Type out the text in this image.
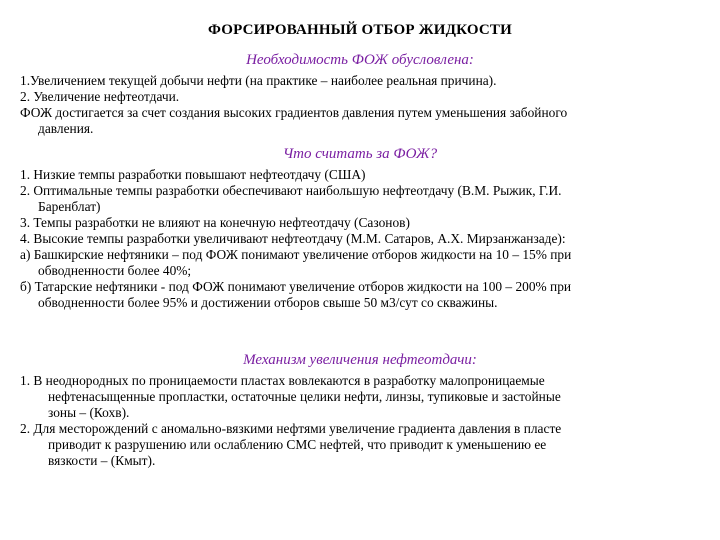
ФОРСИРОВАННЫЙ ОТБОР ЖИДКОСТИ
Необходимость ФОЖ обусловлена:
1.Увеличением текущей добычи нефти (на практике – наиболее реальная причина).
2. Увеличение нефтеотдачи.
ФОЖ достигается за счет создания высоких градиентов давления путем уменьшения забойного
давления.
Что считать за ФОЖ?
1. Низкие темпы разработки повышают нефтеотдачу (США)
2. Оптимальные темпы разработки обеспечивают наибольшую нефтеотдачу (В.М. Рыжик, Г.И.
Баренблат)
3. Темпы разработки не влияют на конечную нефтеотдачу (Сазонов)
4. Высокие темпы разработки увеличивают нефтеотдачу (М.М. Сатаров, А.Х. Мирзанжанзаде):
а) Башкирские нефтяники – под ФОЖ понимают увеличение отборов жидкости на 10 – 15% при
обводненности более 40%;
б) Татарские нефтяники - под ФОЖ понимают увеличение отборов жидкости на 100 – 200% при
обводненности более 95% и достижении отборов свыше 50 м3/сут со скважины.
Механизм увеличения нефтеотдачи:
1. В неоднородных по проницаемости пластах вовлекаются в разработку малопроницаемые
нефтенасыщенные пропластки, остаточные целики нефти, линзы, тупиковые и застойные
зоны – (Кохв).
2. Для месторождений с аномально-вязкими нефтями увеличение градиента давления в пласте
приводит к разрушению или ослаблению СМС нефтей, что приводит к уменьшению ее
вязкости – (Кмыт).
